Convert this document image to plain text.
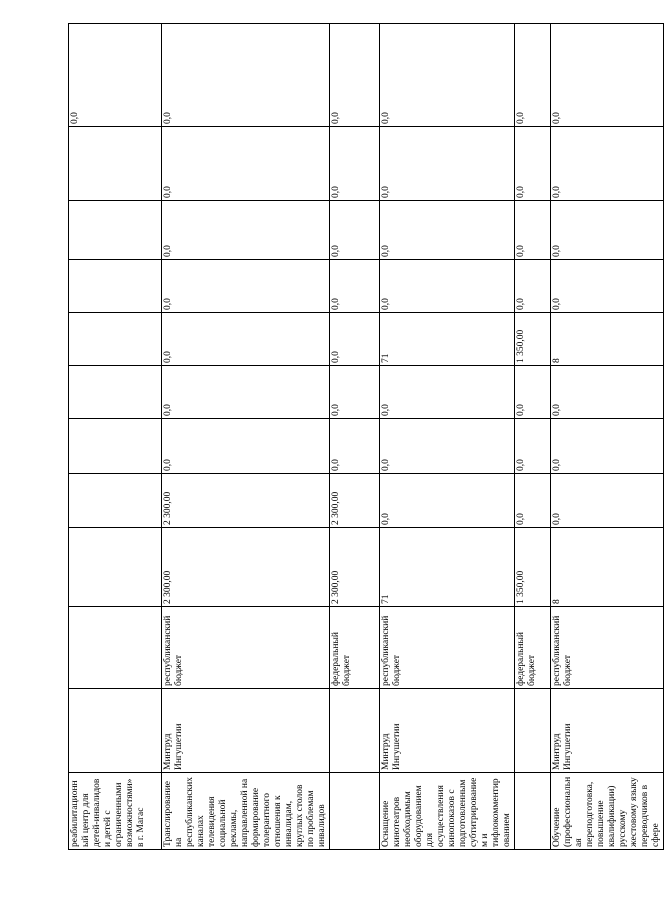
реабилитационный центр для детей-инвалидов и детей с ограниченными возможностями» в г. Магас											0,0	
Транслирование на республиканских каналах телевидения социальной рекламы, направленной на формирование толерантного отношения к инвалидам, круглых столов по проблемам инвалидов	Минтруд Ингушетии	республиканский бюджет	2 300,00	2 300,00	0,0	0,0	0,0	0,0	0,0	0,0	0,0	
		федеральный бюджет	2 300,00	2 300,00	0,0	0,0	0,0	0,0	0,0	0,0	0,0	
Оснащение кинотеатров необходимым оборудованием для осуществления кинопоказов с подготовленным субтитрированием и тифлокомментированием	Минтруд Ингушетии	республиканский бюджет	71	0,0	0,0	0,0	71	0,0	0,0	0,0	0,0	
		федеральный бюджет	1 350,00	0,0	0,0	0,0	1 350,00	0,0	0,0	0,0	0,0	
Обучение (профессиональная переподготовка, повышение квалификации) русскому жестовому языку переводчиков в сфере	Минтруд Ингушетии	республиканский бюджет	8	0,0	0,0	0,0	8	0,0	0,0	0,0	0,0	
